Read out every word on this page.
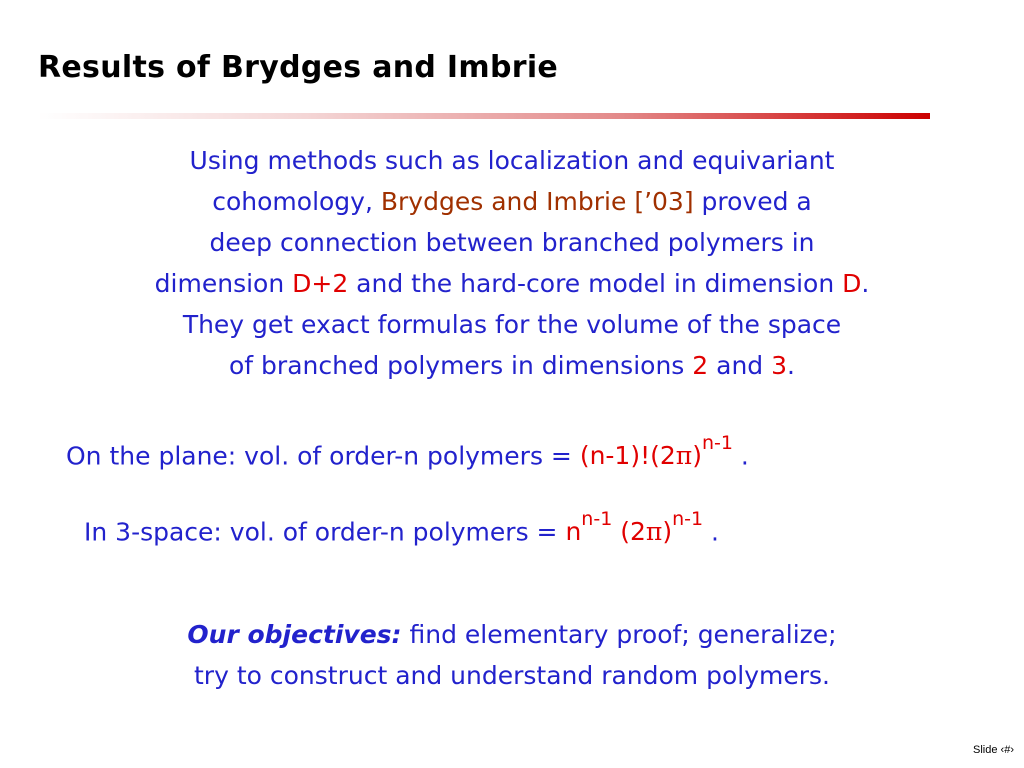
Results of Brydges and Imbrie
Using methods such as localization and equivariant
cohomology, Brydges and Imbrie [’03] proved a
deep connection between branched polymers in
dimension D+2 and the hard-core model in dimension D.
They get exact formulas for the volume of the space
of branched polymers in dimensions 2 and 3.
On the plane: vol. of order-n polymers = $(n-1)!(2\pi)^{n-1}$ .
In 3-space: vol. of order-n polymers = $n^{n-1}$ $(2\pi)^{n-1}$ .
Our objectives: find elementary proof; generalize;
try to construct and understand random polymers.
Slide ‹#›
